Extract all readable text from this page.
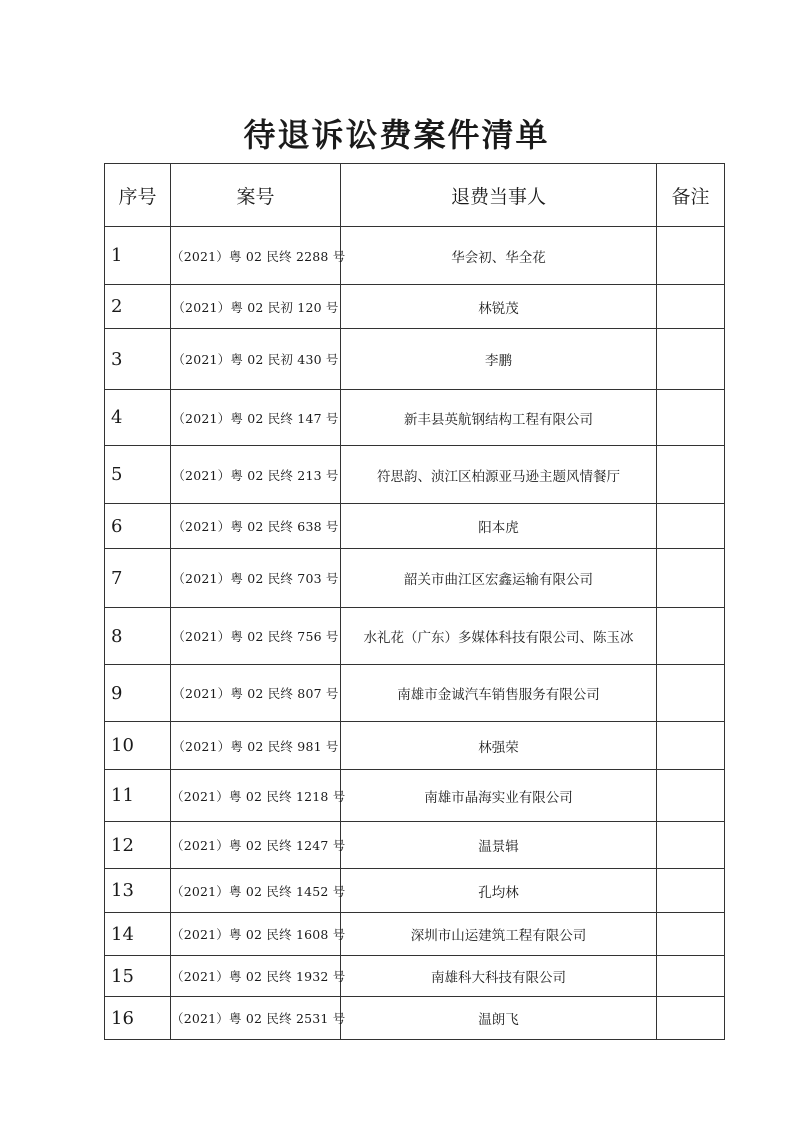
待退诉讼费案件清单
序号	案号	退费当事人	备注
1	（2021）粤 02 民终 2288 号	华会初、华全花	
2	（2021）粤 02 民初 120 号	林锐茂	
3	（2021）粤 02 民初 430 号	李鹏	
4	（2021）粤 02 民终 147 号	新丰县英航钢结构工程有限公司	
5	（2021）粤 02 民终 213 号	符思韵、浈江区柏源亚马逊主题风情餐厅	
6	（2021）粤 02 民终 638 号	阳本虎	
7	（2021）粤 02 民终 703 号	韶关市曲江区宏鑫运输有限公司	
8	（2021）粤 02 民终 756 号	水礼花（广东）多媒体科技有限公司、陈玉冰	
9	（2021）粤 02 民终 807 号	南雄市金诚汽车销售服务有限公司	
10	（2021）粤 02 民终 981 号	林强荣	
11	（2021）粤 02 民终 1218 号	南雄市晶海实业有限公司	
12	（2021）粤 02 民终 1247 号	温景辑	
13	（2021）粤 02 民终 1452 号	孔均林	
14	（2021）粤 02 民终 1608 号	深圳市山运建筑工程有限公司	
15	（2021）粤 02 民终 1932 号	南雄科大科技有限公司	
16	（2021）粤 02 民终 2531 号	温朗飞	
